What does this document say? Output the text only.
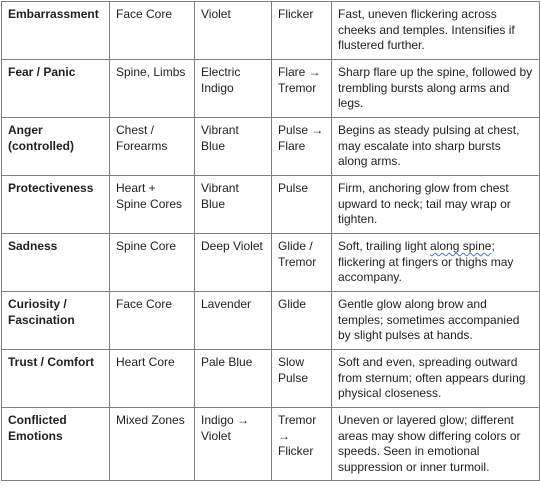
Embarrassment	Face Core	Violet	Flicker	Fast, uneven flickering across cheeks and temples. Intensifies if flustered further.
Fear / Panic	Spine, Limbs	Electric Indigo	Flare → Tremor	Sharp flare up the spine, followed by trembling bursts along arms and legs.
Anger (controlled)	Chest / Forearms	Vibrant Blue	Pulse → Flare	Begins as steady pulsing at chest, may escalate into sharp bursts along arms.
Protectiveness	Heart + Spine Cores	Vibrant Blue	Pulse	Firm, anchoring glow from chest upward to neck; tail may wrap or tighten.
Sadness	Spine Core	Deep Violet	Glide / Tremor	Soft, trailing light along spine; flickering at fingers or thighs may accompany.
Curiosity / Fascination	Face Core	Lavender	Glide	Gentle glow along brow and temples; sometimes accompanied by slight pulses at hands.
Trust / Comfort	Heart Core	Pale Blue	Slow Pulse	Soft and even, spreading outward from sternum; often appears during physical closeness.
Conflicted Emotions	Mixed Zones	Indigo → Violet	Tremor → Flicker	Uneven or layered glow; different areas may show differing colors or speeds. Seen in emotional suppression or inner turmoil.
